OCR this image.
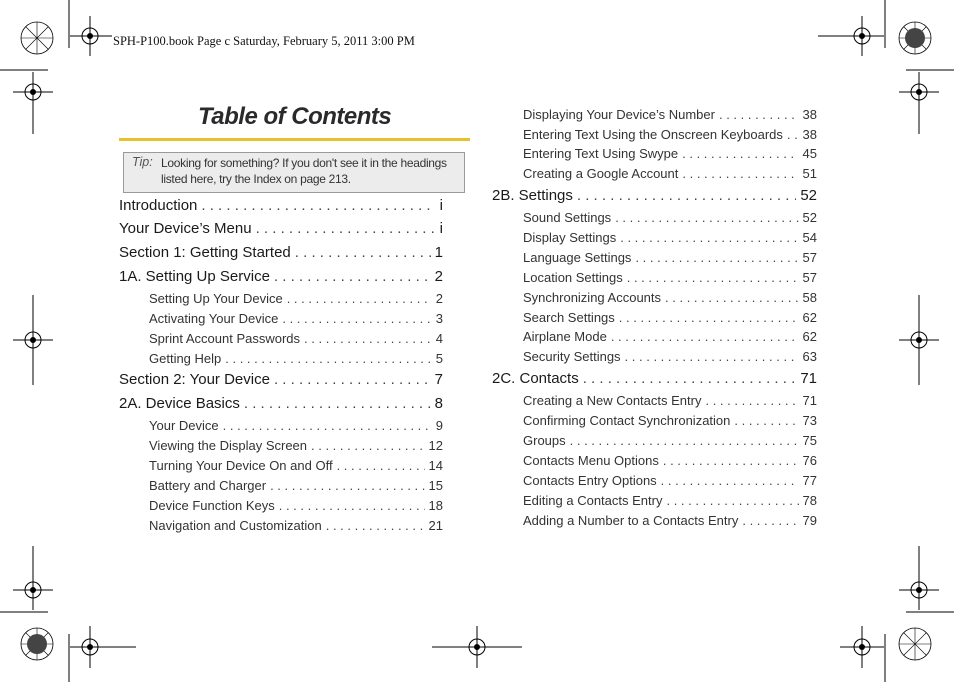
SPH-P100.book Page c Saturday, February 5, 2011 3:00 PM
Table of Contents
Tip: Looking for something? If you don't see it in the headings listed here, try the Index on page 213.
Introduction . . .	i
Your Device’s Menu . . .	i
Section 1: Getting Started . . .	1
1A. Setting Up Service . . .	2
Setting Up Your Device . . .	2
Activating Your Device . . .	3
Sprint Account Passwords . . .	4
Getting Help . . .	5
Section 2: Your Device . . .	7
2A. Device Basics . . .	8
Your Device . . .	9
Viewing the Display Screen . . .	12
Turning Your Device On and Off . . .	14
Battery and Charger . . .	15
Device Function Keys . . .	18
Navigation and Customization . . .	21
Displaying Your Device’s Number . . .	38
Entering Text Using the Onscreen Keyboards . . . 38
Entering Text Using Swype . . .	45
Creating a Google Account . . .	51
2B. Settings . . .	52
Sound Settings . . .	52
Display Settings . . .	54
Language Settings . . .	57
Location Settings . . .	57
Synchronizing Accounts . . .	58
Search Settings . . .	62
Airplane Mode . . .	62
Security Settings . . .	63
2C. Contacts . . .	71
Creating a New Contacts Entry . . .	71
Confirming Contact Synchronization . . .	73
Groups . . .	75
Contacts Menu Options . . .	76
Contacts Entry Options . . .	77
Editing a Contacts Entry . . .	78
Adding a Number to a Contacts Entry . . .	79
